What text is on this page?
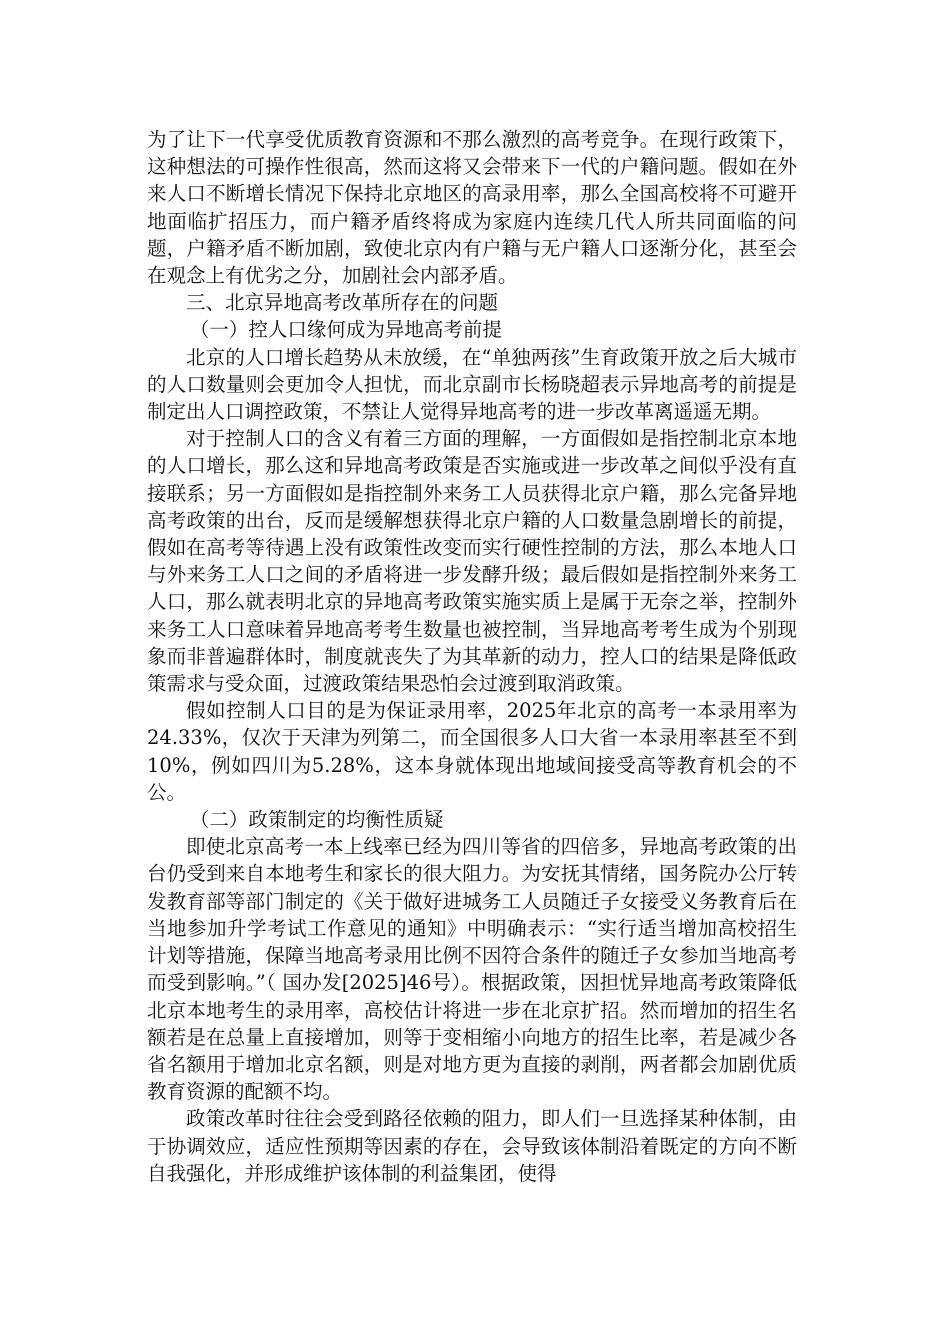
为了让下一代享受优质教育资源和不那么激烈的高考竞争。在现行政策下，这种想法的可操作性很高，然而这将又会带来下一代的户籍问题。假如在外来人口不断增长情况下保持北京地区的高录用率，那么全国高校将不可避开地面临扩招压力，而户籍矛盾终将成为家庭内连续几代人所共同面临的问题，户籍矛盾不断加剧，致使北京内有户籍与无户籍人口逐渐分化，甚至会在观念上有优劣之分，加剧社会内部矛盾。

三、北京异地高考改革所存在的问题

（一）控人口缘何成为异地高考前提

北京的人口增长趋势从未放缓，在“单独两孩”生育政策开放之后大城市的人口数量则会更加令人担忧，而北京副市长杨晓超表示异地高考的前提是制定出人口调控政策，不禁让人觉得异地高考的进一步改革离遥遥无期。

对于控制人口的含义有着三方面的理解，一方面假如是指控制北京本地的人口增长，那么这和异地高考政策是否实施或进一步改革之间似乎没有直接联系；另一方面假如是指控制外来务工人员获得北京户籍，那么完备异地高考政策的出台，反而是缓解想获得北京户籍的人口数量急剧增长的前提，假如在高考等待遇上没有政策性改变而实行硬性控制的方法，那么本地人口与外来务工人口之间的矛盾将进一步发酵升级；最后假如是指控制外来务工人口，那么就表明北京的异地高考政策实施实质上是属于无奈之举，控制外来务工人口意味着异地高考考生数量也被控制，当异地高考考生成为个别现象而非普遍群体时，制度就丧失了为其革新的动力，控人口的结果是降低政策需求与受众面，过渡政策结果恐怕会过渡到取消政策。

假如控制人口目的是为保证录用率，2025年北京的高考一本录用率为24.33%，仅次于天津为列第二，而全国很多人口大省一本录用率甚至不到10%，例如四川为5.28%，这本身就体现出地域间接受高等教育机会的不公。

（二）政策制定的均衡性质疑

即使北京高考一本上线率已经为四川等省的四倍多，异地高考政策的出台仍受到来自本地考生和家长的很大阻力。为安抚其情绪，国务院办公厅转发教育部等部门制定的《关于做好进城务工人员随迁子女接受义务教育后在当地参加升学考试工作意见的通知》中明确表示：“实行适当增加高校招生计划等措施，保障当地高考录用比例不因符合条件的随迁子女参加当地高考而受到影响。”（ 国办发[2025]46号）。根据政策，因担忧异地高考政策降低北京本地考生的录用率，高校估计将进一步在北京扩招。然而增加的招生名额若是在总量上直接增加，则等于变相缩小向地方的招生比率，若是减少各省名额用于增加北京名额，则是对地方更为直接的剥削，两者都会加剧优质教育资源的配额不均。

政策改革时往往会受到路径依赖的阻力，即人们一旦选择某种体制，由于协调效应，适应性预期等因素的存在，会导致该体制沿着既定的方向不断自我强化，并形成维护该体制的利益集团，使得
